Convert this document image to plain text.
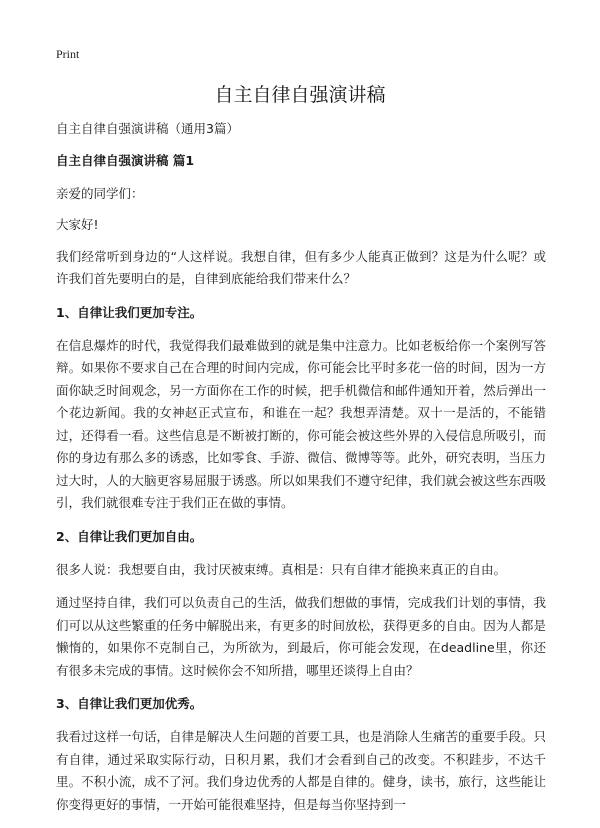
Print
自主自律自强演讲稿

自主自律自强演讲稿（通用3篇）

自主自律自强演讲稿 篇1

亲爱的同学们：

大家好!

我们经常听到身边的“人这样说。我想自律，但有多少人能真正做到？这是为什么呢？或许我们首先要明白的是，自律到底能给我们带来什么？

1、自律让我们更加专注。

在信息爆炸的时代，我觉得我们最难做到的就是集中注意力。比如老板给你一个案例写答辩。如果你不要求自己在合理的时间内完成，你可能会比平时多花一倍的时间，因为一方面你缺乏时间观念，另一方面你在工作的时候，把手机微信和邮件通知开着，然后弹出一个花边新闻。我的女神赵正式宣布，和谁在一起？我想弄清楚。双十一是活的，不能错过，还得看一看。这些信息是不断被打断的，你可能会被这些外界的入侵信息所吸引，而你的身边有那么多的诱惑，比如零食、手游、微信、微博等等。此外，研究表明，当压力过大时，人的大脑更容易屈服于诱惑。所以如果我们不遵守纪律，我们就会被这些东西吸引，我们就很难专注于我们正在做的事情。

2、自律让我们更加自由。

很多人说：我想要自由，我讨厌被束缚。真相是：只有自律才能换来真正的自由。

通过坚持自律，我们可以负责自己的生活，做我们想做的事情，完成我们计划的事情，我们可以从这些繁重的任务中解脱出来，有更多的时间放松，获得更多的自由。因为人都是懒惰的，如果你不克制自己，为所欲为，到最后，你可能会发现，在deadline里，你还有很多未完成的事情。这时候你会不知所措，哪里还谈得上自由？

3、自律让我们更加优秀。

我看过这样一句话，自律是解决人生问题的首要工具，也是消除人生痛苦的重要手段。只有自律，通过采取实际行动，日积月累，我们才会看到自己的改变。不积跬步，不达千里。不积小流，成不了河。我们身边优秀的人都是自律的。健身，读书，旅行，这些能让你变得更好的事情，一开始可能很难坚持，但是每当你坚持到一
